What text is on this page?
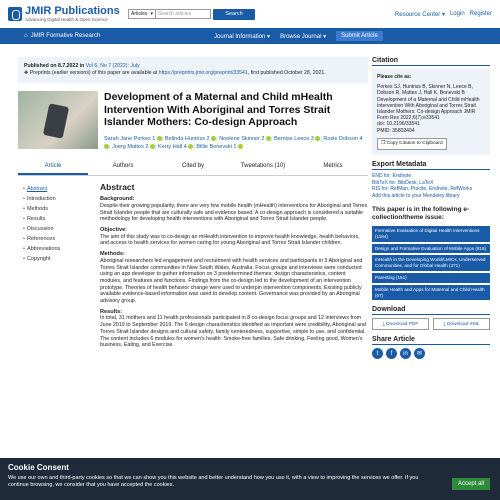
JMIR Publications
Advancing Digital Health & Open Science
Articles ▾	Search articles	Search	Resource Center ▾ Login Register
⌂ JMIR Formative Research	Journal Information ▾ Browse Journal ▾	Submit Article
Published on 8.7.2022 in Vol 6, No 7 (2022): July
✚ Preprints (earlier versions) of this paper are available at https://preprints.jmir.org/preprint/33541, first published October 28, 2021.
Development of a Maternal and Child mHealth Intervention With Aboriginal and Torres Strait Islander Mothers: Co-design Approach
Sarah Jane Perkes 1 ; Belinda Huntriss 2 ; Noelene Skinner 2 ; Bernise Leece 3 ; Rosie Dobson 4 ; Joerg Mattes 2 ; Kerry Hall 4 ; Billie Bonevski 1
Article	Authors	Cited by	Tweetations (10)	Metrics
• Abstract
• Introduction
• Methods
• Results
• Discussion
• References
• Abbreviations
• Copyright
Abstract
Background:

Despite their growing popularity, there are very few mobile health (mHealth) interventions for Aboriginal and Torres Strait Islander people that are culturally safe and evidence based. A co-design approach is considered a suitable methodology for developing health interventions with Aboriginal and Torres Strait Islander people.

Objective:

The aim of this study was to co-design an mHealth intervention to improve health knowledge, health behaviors, and access to health services for women caring for young Aboriginal and Torres Strait Islander children.

Methods:

Aboriginal researchers led engagement and recruitment with health services and participants in 3 Aboriginal and Torres Strait Islander communities in New South Wales, Australia. Focus groups and interviews were conducted using an app developer to gather information on 3 predetermined themes: design characteristics, content modules, and features and functions. Findings from the co-design led to the development of an intervention prototype. Theories of health behavior change were used to underpin intervention components. Existing publicly available evidence-based information was used to develop content. Governance was provided by an Aboriginal advisory group.

Results:

In total, 31 mothers and 11 health professionals participated in 8 co-design focus groups and 12 interviews from June 2019 to September 2019. The 6 design characteristics identified as important were credibility, Aboriginal and Torres Strait Islander designs and cultural safety, family centeredness, supportive, simple to use, and confidential. The content includes 6 modules for women's health: Smoke-free families, Safe drinking, Feeling good, Women's business, Eating, and Exercise.

Citation
Please cite as:
Perkes SJ, Huntriss B, Skinner N, Leece B, Dobson R, Mattes J, Hall K, Bonevski B Development of a Maternal and Child mHealth Intervention With Aboriginal and Torres Strait Islander Mothers: Co-design Approach JMIR Form Res 2022;6(7):e33541
doi: 10.2196/33541
PMID: 35802404
❐ Copy Citation to Clipboard
Export Metadata
END for: Endnote
BibTeX for: BibDesk, LaTeX
RIS for: RefMan, Procite, Endnote, RefWorks
Add this article to your Mendeley library
This paper is in the following e-collection/theme issue:
Formative Evaluation of Digital Health Interventions (1184)
Design and Formative Evaluation of Mobile Apps (816)
mHealth in the Developing World/LMICs, Underserved Communities, and for Global Health (371)
Parenting (151)
Mobile Health and Apps for Maternal and Child Health (67)
Download
⤓ Download PDF	⤓ Download XML
Share Article
t	f	in	✉
Cookie Consent
We use our own and third-party cookies so that we can show you this website and better understand how you use it, with a view to improving the services we offer. If you continue browsing, we consider that you have accepted the cookies.	Accept all
